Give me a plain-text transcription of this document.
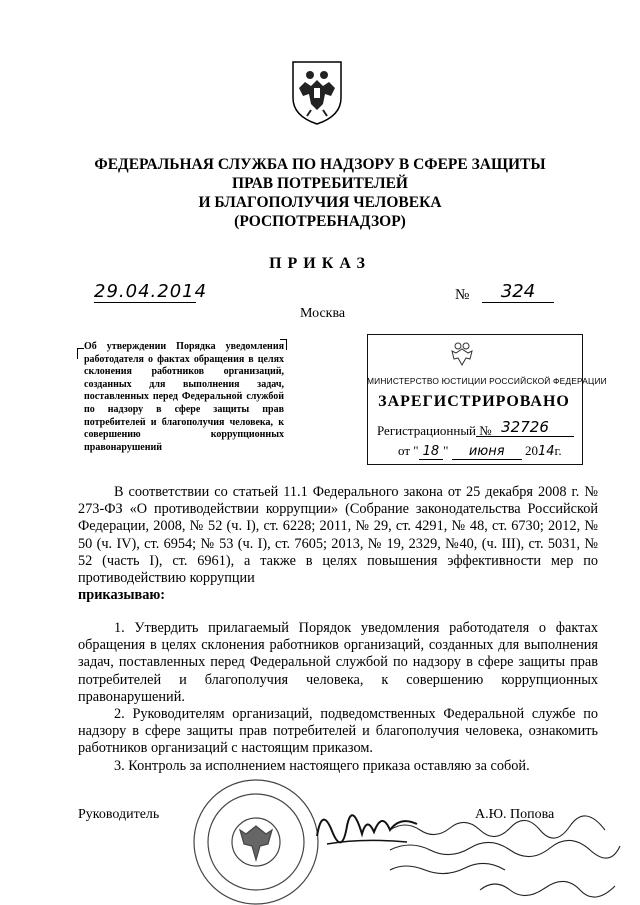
ФЕДЕРАЛЬНАЯ СЛУЖБА ПО НАДЗОРУ В СФЕРЕ ЗАЩИТЫ
ПРАВ ПОТРЕБИТЕЛЕЙ
И БЛАГОПОЛУЧИЯ ЧЕЛОВЕКА
(РОСПОТРЕБНАДЗОР)
ПРИКАЗ
29.04.2014	№	324
Москва
Об утверждении Порядка уведомления работодателя о фактах обращения в целях склонения работников организаций, созданных для выполнения задач, поставленных перед Федеральной службой по надзору в сфере защиты прав потребителей и благополучия человека, к совершению коррупционных правонарушений
МИНИСТЕРСТВО ЮСТИЦИИ РОССИЙСКОЙ ФЕДЕРАЦИИ
ЗАРЕГИСТРИРОВАНО
Регистрационный № 32726
от " 18 " июня 2014г.

В соответствии со статьей 11.1 Федерального закона от 25 декабря 2008 г. № 273-ФЗ «О противодействии коррупции» (Собрание законодательства Российской Федерации, 2008, № 52 (ч. I), ст. 6228; 2011, № 29, ст. 4291, № 48, ст. 6730; 2012, № 50 (ч. IV), ст. 6954; № 53 (ч. I), ст. 7605; 2013, № 19, 2329, №40, (ч. III), ст. 5031, № 52 (часть I), ст. 6961), а также в целях повышения эффективности мер по противодействию коррупции

приказываю:

1. Утвердить прилагаемый Порядок уведомления работодателя о фактах обращения в целях склонения работников организаций, созданных для выполнения задач, поставленных перед Федеральной службой по надзору в сфере защиты прав потребителей и благополучия человека, к совершению коррупционных правонарушений.

2. Руководителям организаций, подведомственных Федеральной службе по надзору в сфере защиты прав потребителей и благополучия человека, ознакомить работников организаций с настоящим приказом.

3. Контроль за исполнением настоящего приказа оставляю за собой.

Руководитель	А.Ю. Попова
